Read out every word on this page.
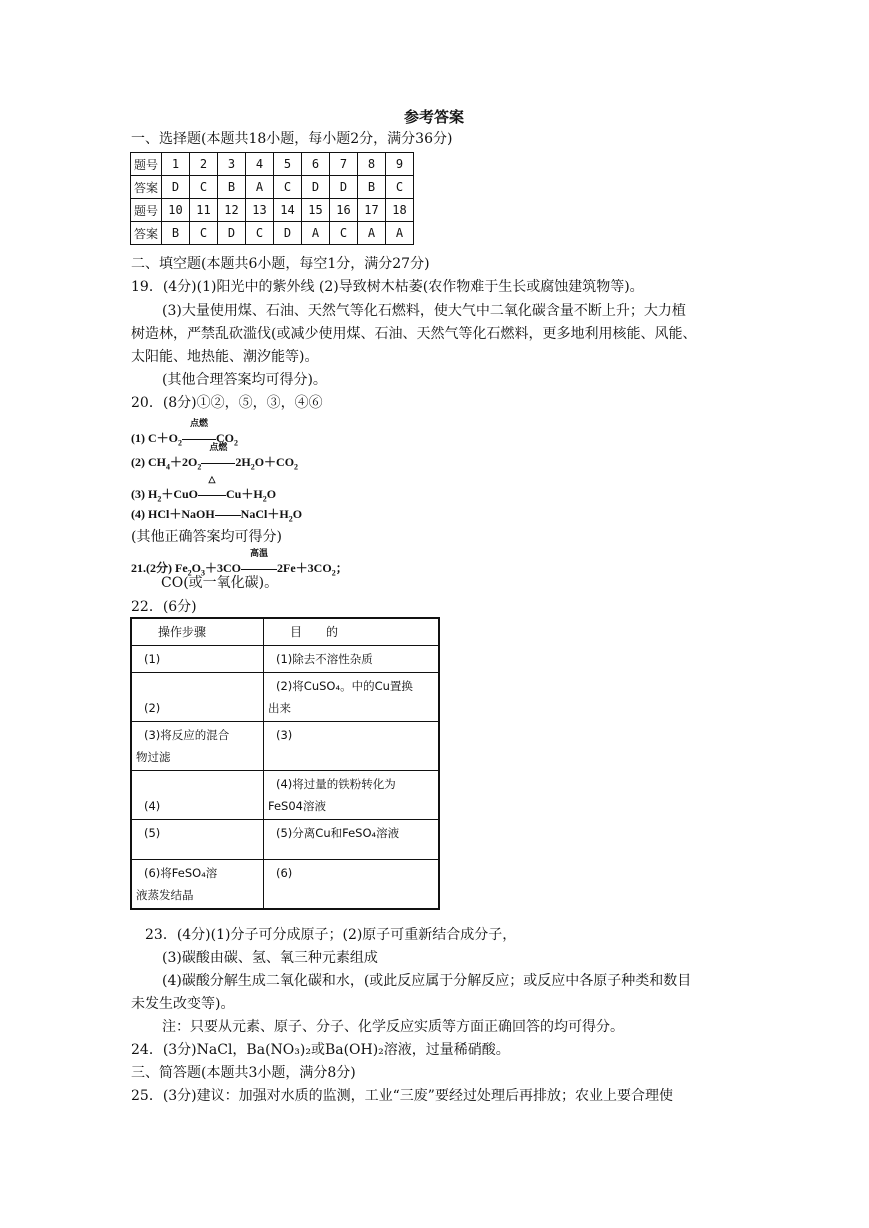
参考答案
一、选择题(本题共18小题，每小题2分，满分36分)
题号	1	2	3	4	5	6	7	8	9
答案	D	C	B	A	C	D	D	B	C
题号	10	11	12	13	14	15	16	17	18
答案	B	C	D	C	D	A	C	A	A
二、填空题(本题共6小题，每空1分，满分27分)
19．(4分)(1)阳光中的紫外线 (2)导致树木枯萎(农作物难于生长或腐蚀建筑物等)。
(3)大量使用煤、石油、天然气等化石燃料，使大气中二氧化碳含量不断上升；大力植
树造林，严禁乱砍滥伐(或减少使用煤、石油、天然气等化石燃料，更多地利用核能、风能、
太阳能、地热能、潮汐能等)。
(其他合理答案均可得分)。
20．(8分)①②，⑤，③，④⑥
(1) $C+O_2$
点燃
$CO_2$
(2) $CH_4+2O_2$
点燃
$2H_2O+CO_2$
(3) $H_2+CuO$
△
$Cu+H_2O$
(4) HCl＋NaOH $NaCl+H_2O$
(其他正确答案均可得分)
21.(2分) $Fe_2O_3+3CO$
高温
$2Fe+3CO_2$；
CO(或一氧化碳)。
22．(6分)
操作步骤	目　　的
(1)	(1)除去不溶性杂质
(2)	(2)将CuSO₄。中的Cu置换
出来

(3)将反应的混合
物过滤	(3)
(4)	(4)将过量的铁粉转化为
FeS04溶液

(5)	(5)分离Cu和FeSO₄溶液

(6)将FeSO₄溶
液蒸发结晶	(6)
23．(4分)(1)分子可分成原子；(2)原子可重新结合成分子，
(3)碳酸由碳、氢、氧三种元素组成
(4)碳酸分解生成二氧化碳和水，(或此反应属于分解反应；或反应中各原子种类和数目
未发生改变等)。
注：只要从元素、原子、分子、化学反应实质等方面正确回答的均可得分。
24．(3分)NaCl，Ba(NO₃)₂或Ba(OH)₂溶液，过量稀硝酸。
三、简答题(本题共3小题，满分8分)
25．(3分)建议：加强对水质的监测，工业“三废”要经过处理后再排放；农业上要合理使
